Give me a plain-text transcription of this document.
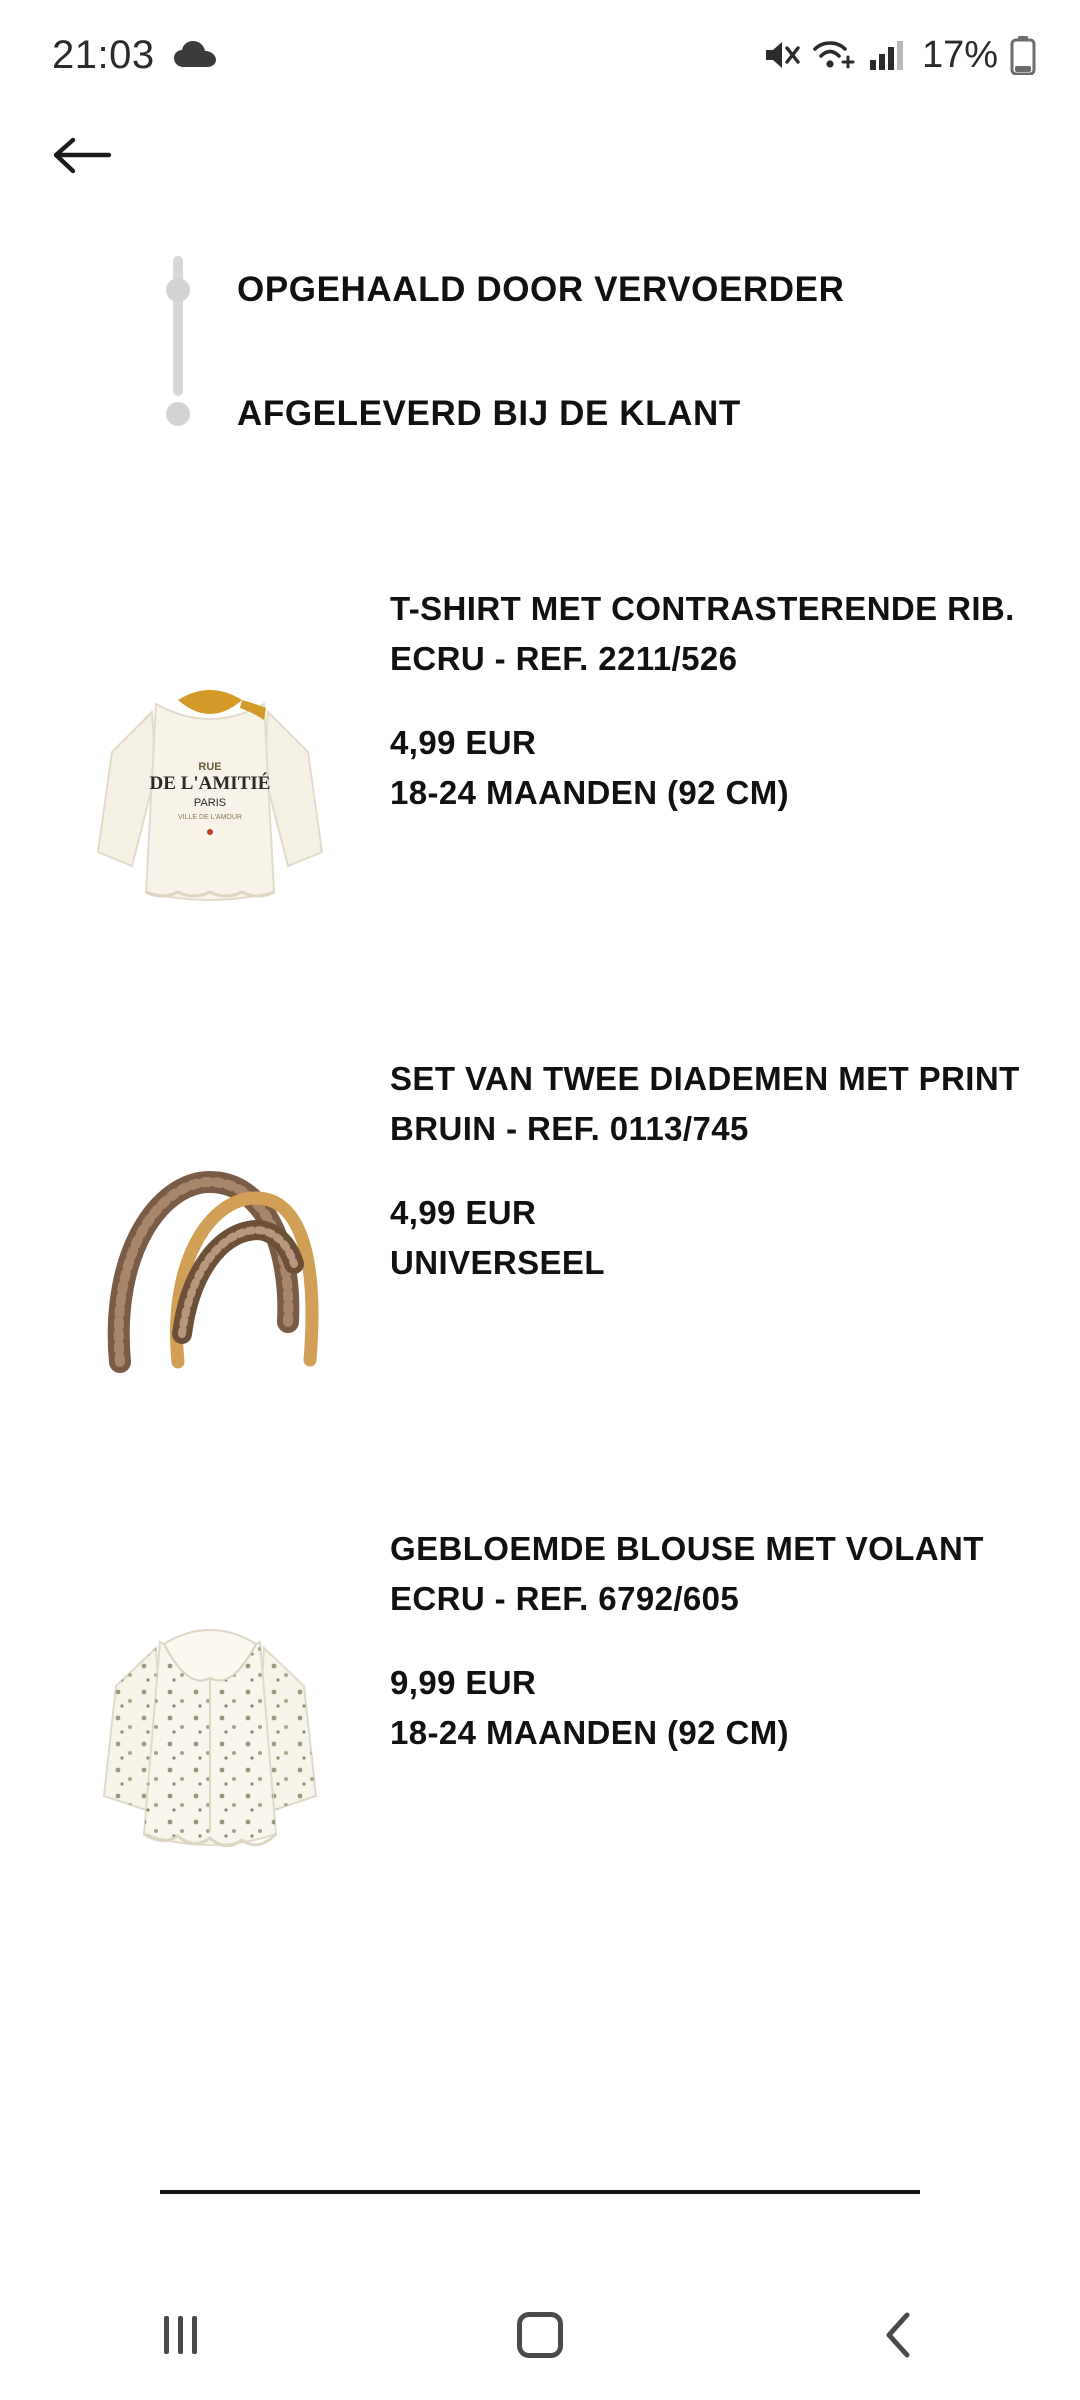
21:03	17%
OPGEHAALD DOOR VERVOERDER
AFGELEVERD BIJ DE KLANT
RUE
DE L'AMITIÉ
PARIS
VILLE DE L'AMOUR
T-SHIRT MET CONTRASTERENDE RIB.
ECRU - REF. 2211/526
4,99 EUR
18-24 MAANDEN (92 CM)
SET VAN TWEE DIADEMEN MET PRINT
BRUIN - REF. 0113/745
4,99 EUR
UNIVERSEEL
GEBLOEMDE BLOUSE MET VOLANT
ECRU - REF. 6792/605
9,99 EUR
18-24 MAANDEN (92 CM)
